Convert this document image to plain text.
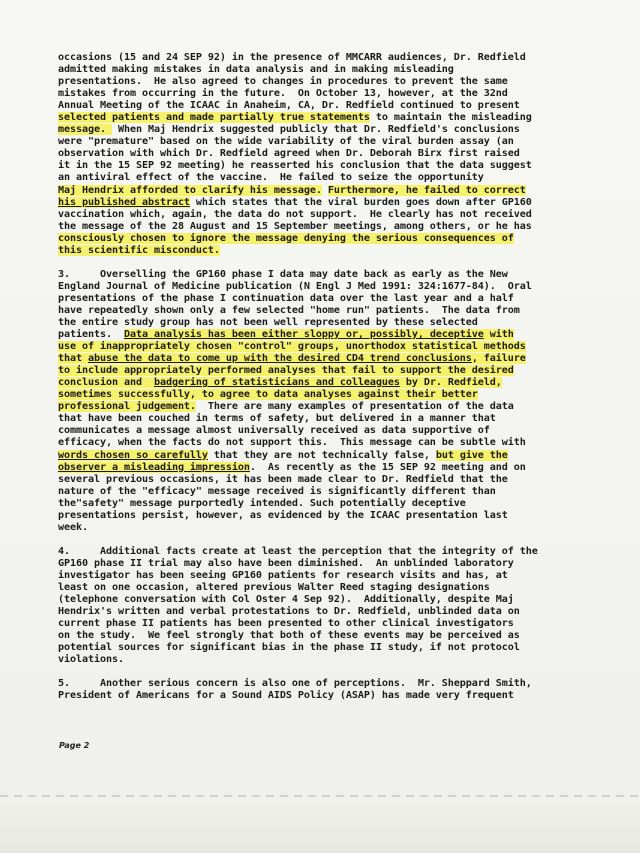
occasions (15 and 24 SEP 92) in the presence of MMCARR audiences, Dr. Redfield
admitted making mistakes in data analysis and in making misleading
presentations.  He also agreed to changes in procedures to prevent the same
mistakes from occurring in the future.  On October 13, however, at the 32nd
Annual Meeting of the ICAAC in Anaheim, CA, Dr. Redfield continued to present
selected patients and made partially true statements to maintain the misleading
message.  When Maj Hendrix suggested publicly that Dr. Redfield's conclusions
were "premature" based on the wide variability of the viral burden assay (an
observation with which Dr. Redfield agreed when Dr. Deborah Birx first raised
it in the 15 SEP 92 meeting) he reasserted his conclusion that the data suggest
an antiviral effect of the vaccine.  He failed to seize the opportunity
Maj Hendrix afforded to clarify his message. Furthermore, he failed to correct
his published abstract which states that the viral burden goes down after GP160
vaccination which, again, the data do not support.  He clearly has not received
the message of the 28 August and 15 September meetings, among others, or he has
consciously chosen to ignore the message denying the serious consequences of
this scientific misconduct.
3.     Overselling the GP160 phase I data may date back as early as the New
England Journal of Medicine publication (N Engl J Med 1991: 324:1677-84).  Oral
presentations of the phase I continuation data over the last year and a half
have repeatedly shown only a few selected "home run" patients.  The data from
the entire study group has not been well represented by these selected
patients.  Data analysis has been either sloppy or, possibly, deceptive with
use of inappropriately chosen "control" groups, unorthodox statistical methods
that abuse the data to come up with the desired CD4 trend conclusions, failure
to include appropriately performed analyses that fail to support the desired
conclusion and  badgering of statisticians and colleagues by Dr. Redfield,
sometimes successfully, to agree to data analyses against their better
professional judgement.  There are many examples of presentation of the data
that have been couched in terms of safety, but delivered in a manner that
communicates a message almost universally received as data supportive of
efficacy, when the facts do not support this.  This message can be subtle with
words chosen so carefully that they are not technically false, but give the
observer a misleading impression.  As recently as the 15 SEP 92 meeting and on
several previous occasions, it has been made clear to Dr. Redfield that the
nature of the "efficacy" message received is significantly different than
the"safety" message purportedly intended. Such potentially deceptive
presentations persist, however, as evidenced by the ICAAC presentation last
week.
4.     Additional facts create at least the perception that the integrity of the
GP160 phase II trial may also have been diminished.  An unblinded laboratory
investigator has been seeing GP160 patients for research visits and has, at
least on one occasion, altered previous Walter Reed staging designations
(telephone conversation with Col Oster 4 Sep 92).  Additionally, despite Maj
Hendrix's written and verbal protestations to Dr. Redfield, unblinded data on
current phase II patients has been presented to other clinical investigators
on the study.  We feel strongly that both of these events may be perceived as
potential sources for significant bias in the phase II study, if not protocol
violations.
5.     Another serious concern is also one of perceptions.  Mr. Sheppard Smith,
President of Americans for a Sound AIDS Policy (ASAP) has made very frequent
Page 2
